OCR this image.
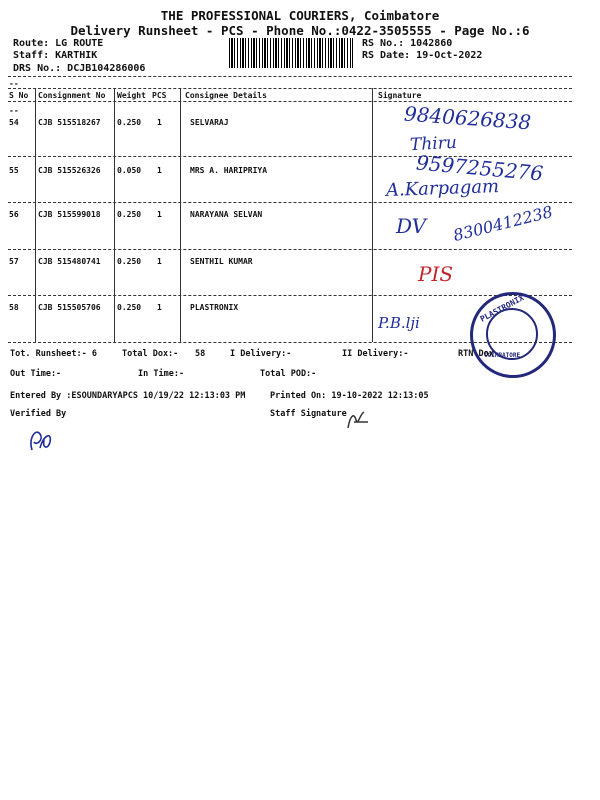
THE PROFESSIONAL COURIERS, Coimbatore
Delivery Runsheet - PCS - Phone No.:0422-3505555 - Page No.:6
Route: LG ROUTE
Staff: KARTHIK
DRS No.: DCJB104286006
RS No.: 1042860
RS Date: 19-Oct-2022
--
S No Consignment No Weight PCS Consignee Details	Signature
--
54 CJB 515518267 0.250 1	SELVARAJ	9840626838
Thiru
55 CJB 515526326 0.050 1	MRS A. HARIPRIYA	9597255276
A.Karpagam
56 CJB 515599018 0.250 1	NARAYANA SELVAN	DV 8300412238
57 CJB 515480741 0.250 1	SENTHIL KUMAR
PIS
58 CJB 515505706 0.250 1	PLASTRONIX
P.B.lji	PLASTRONIX
COIMBATORE
Tot. Runsheet:- 6	Total Dox:- 58	I Delivery:-	II Delivery:-	RTN Dox
Out Time:-	In Time:-	Total POD:-
Entered By :ESOUNDARYAPCS 10/19/22 12:13:03 PM	Printed On: 19-10-2022 12:13:05
Verified By	Staff Signature
